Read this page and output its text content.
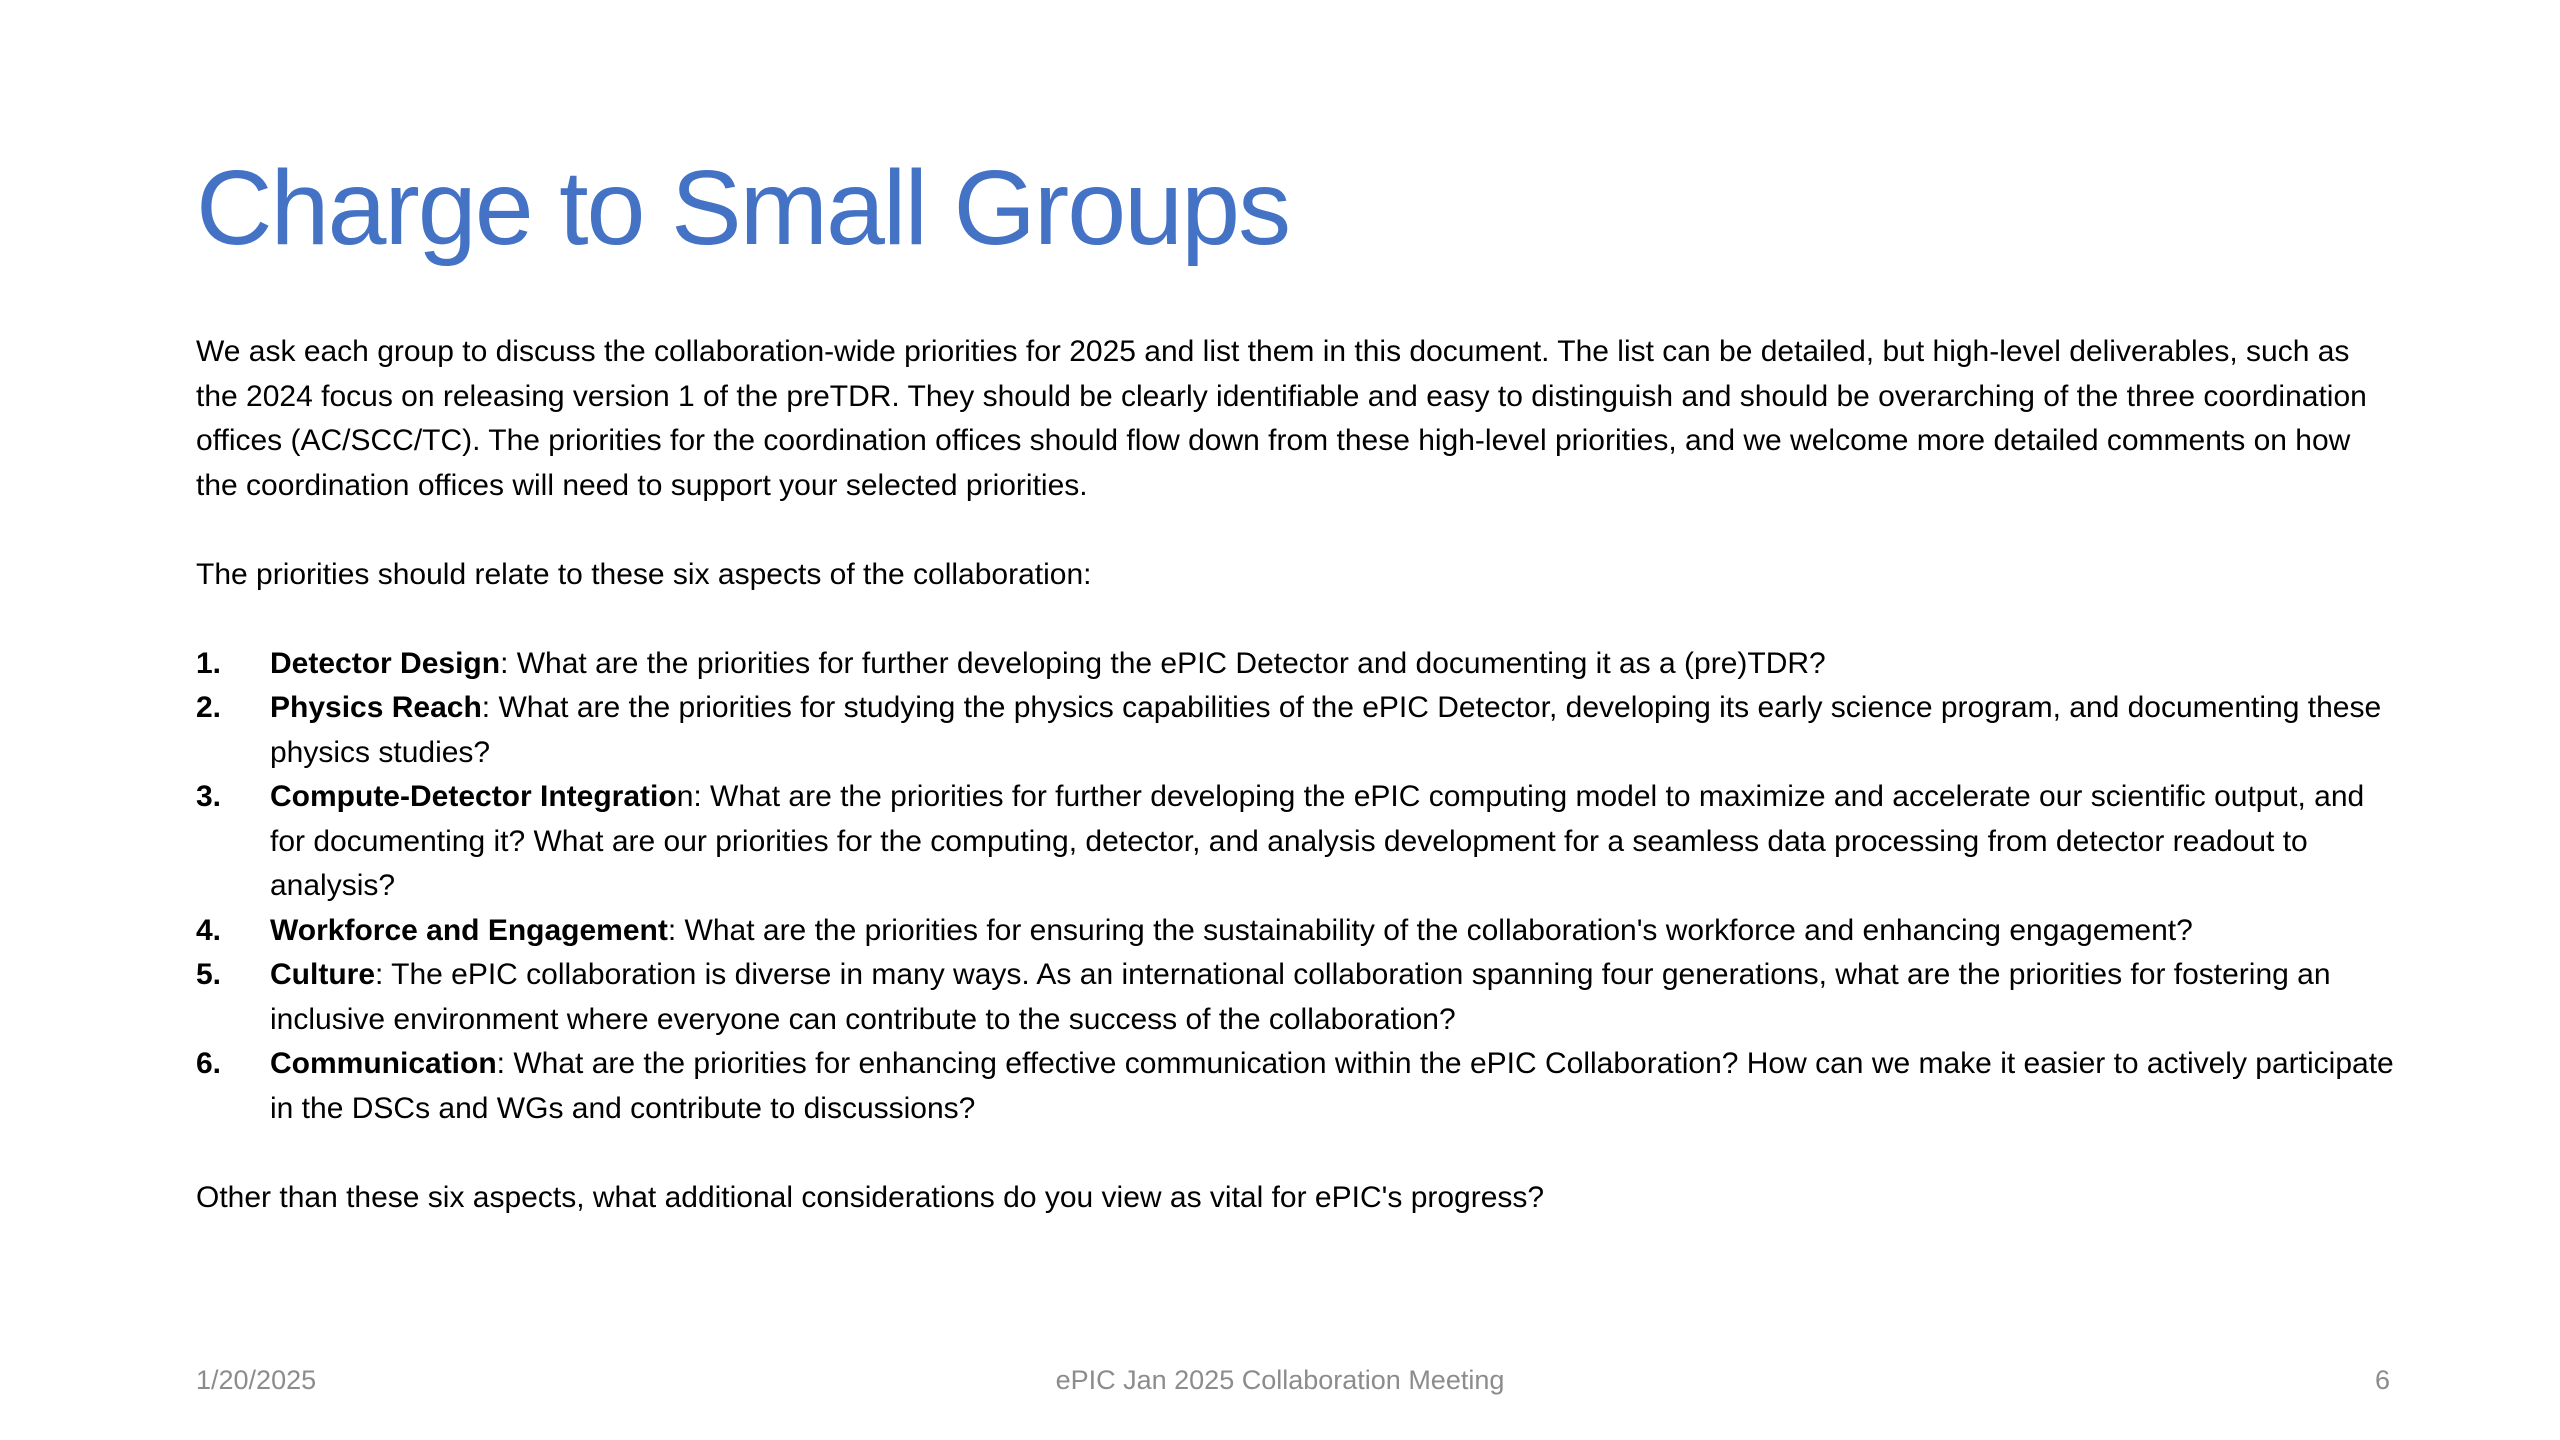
Charge to Small Groups

We ask each group to discuss the collaboration-wide priorities for 2025 and list them in this document. The list can be detailed, but high-level deliverables, such as the 2024 focus on releasing version 1 of the preTDR. They should be clearly identifiable and easy to distinguish and should be overarching of the three coordination offices (AC/SCC/TC). The priorities for the coordination offices should flow down from these high-level priorities, and we welcome more detailed comments on how the coordination offices will need to support your selected priorities.

The priorities should relate to these six aspects of the collaboration:

1. Detector Design: What are the priorities for further developing the ePIC Detector and documenting it as a (pre)TDR?
2. Physics Reach: What are the priorities for studying the physics capabilities of the ePIC Detector, developing its early science program, and documenting these physics studies?
3. Compute-Detector Integration: What are the priorities for further developing the ePIC computing model to maximize and accelerate our scientific output, and for documenting it? What are our priorities for the computing, detector, and analysis development for a seamless data processing from detector readout to analysis?
4. Workforce and Engagement: What are the priorities for ensuring the sustainability of the collaboration's workforce and enhancing engagement?
5. Culture: The ePIC collaboration is diverse in many ways. As an international collaboration spanning four generations, what are the priorities for fostering an inclusive environment where everyone can contribute to the success of the collaboration?
6. Communication: What are the priorities for enhancing effective communication within the ePIC Collaboration? How can we make it easier to actively participate in the DSCs and WGs and contribute to discussions?

Other than these six aspects, what additional considerations do you view as vital for ePIC's progress?

1/20/2025	ePIC Jan 2025 Collaboration Meeting	6
